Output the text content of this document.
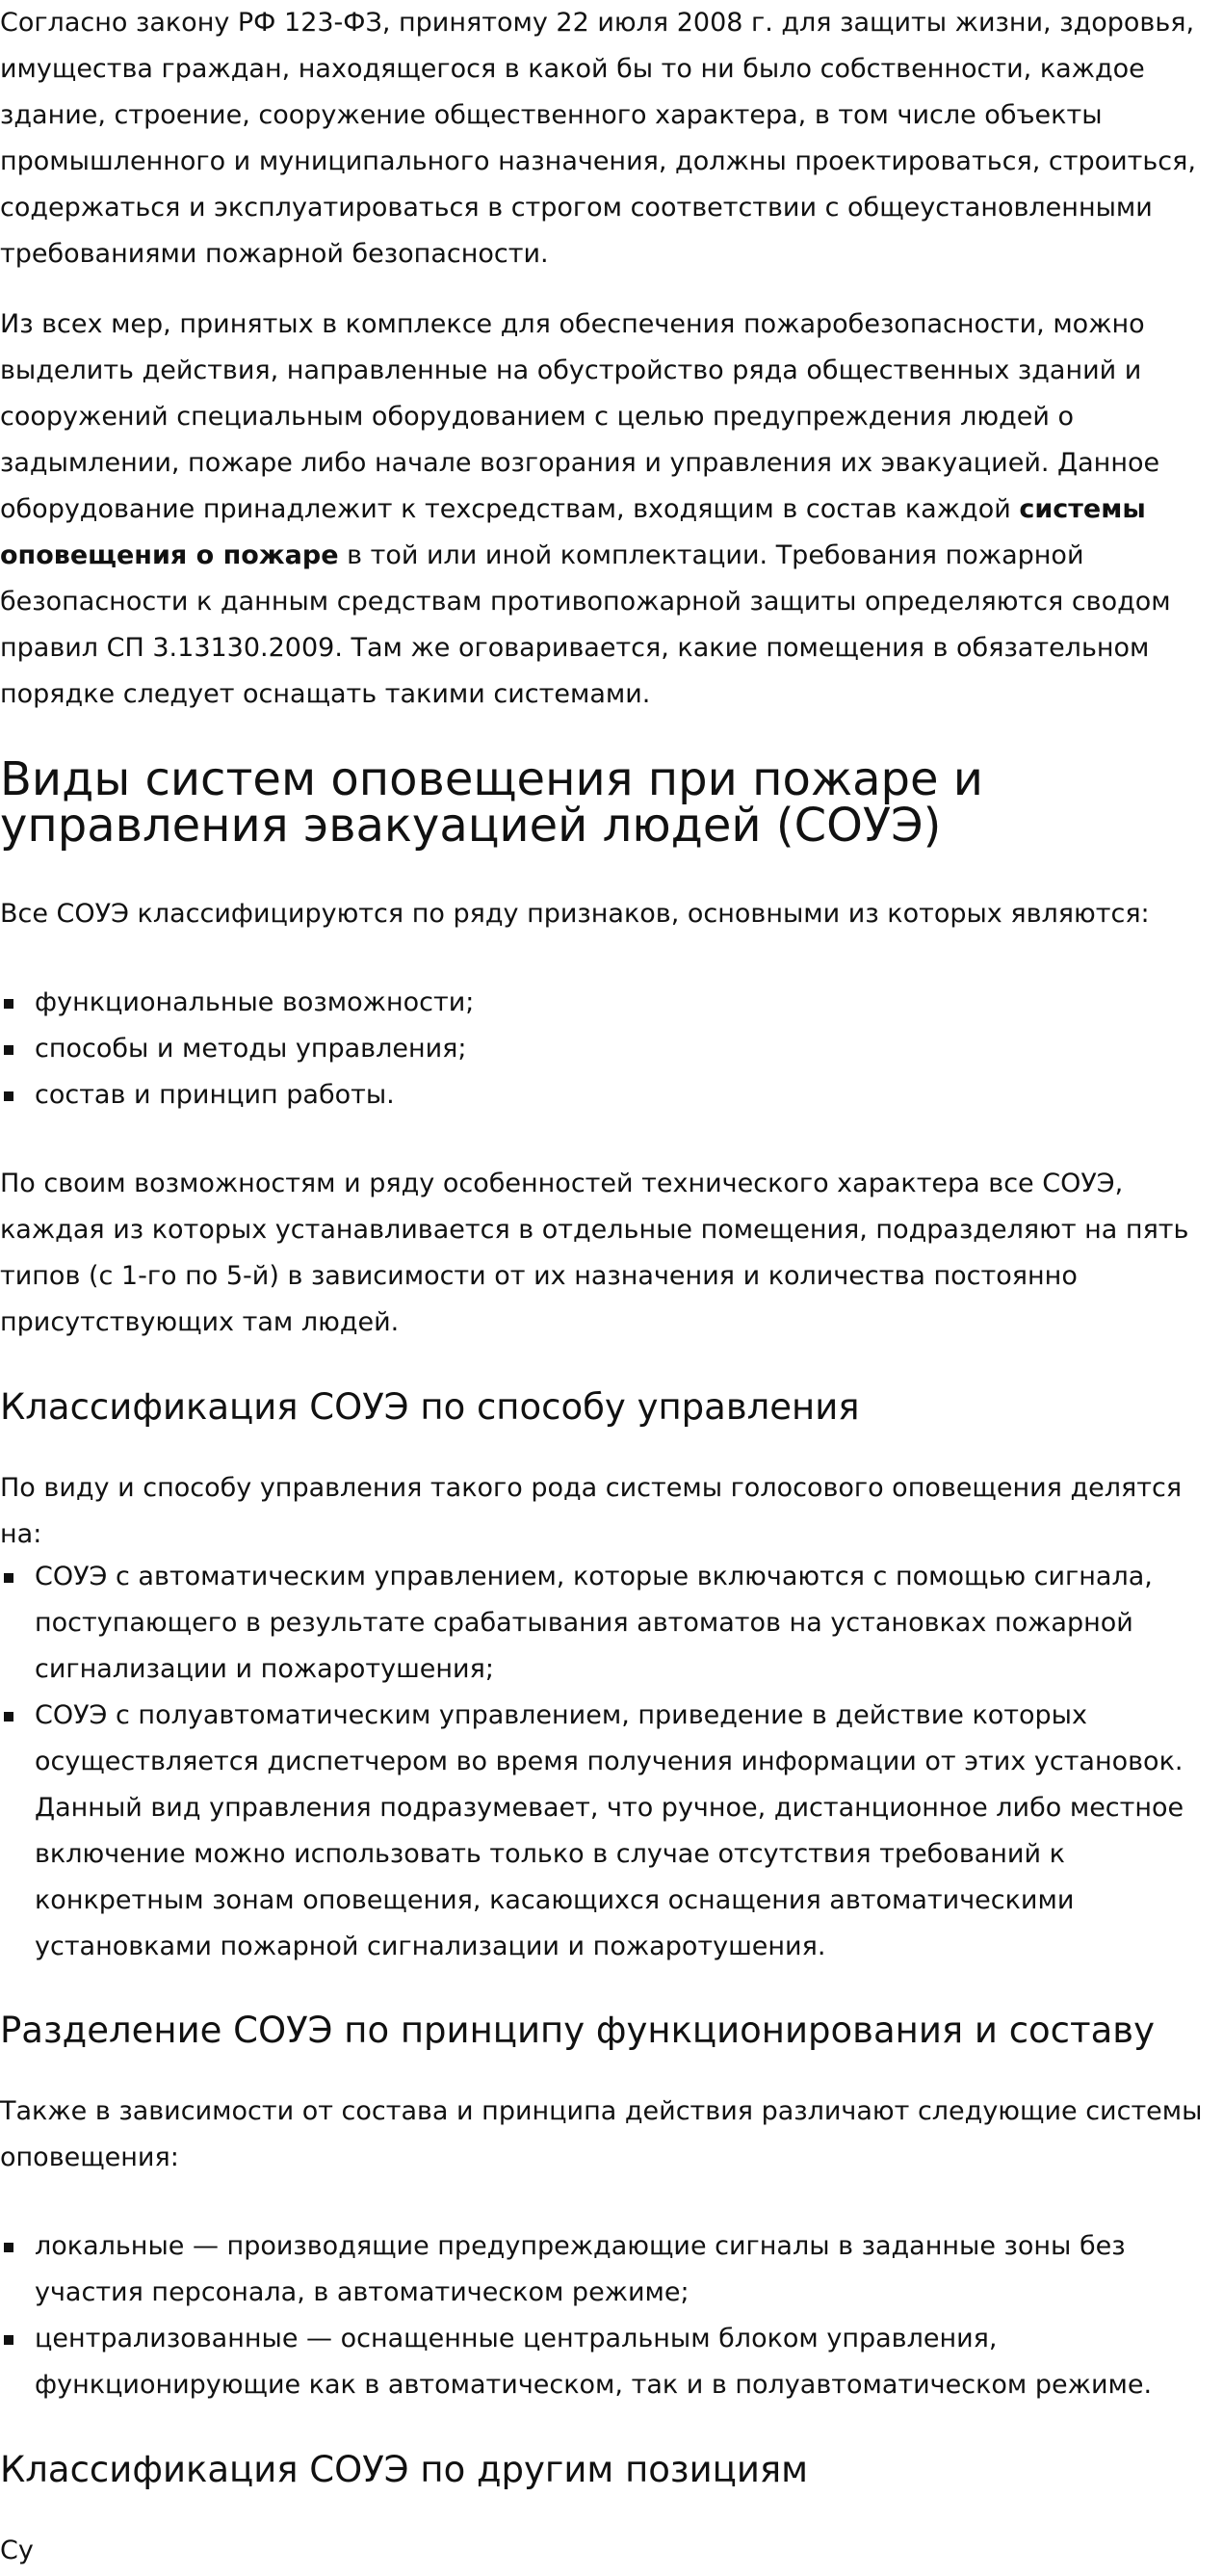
Согласно закону РФ 123-ФЗ, принятому 22 июля 2008 г. для защиты жизни, здоровья, имущества граждан, находящегося в какой бы то ни было собственности, каждое здание, строение, сооружение общественного характера, в том числе объекты промышленного и муниципального назначения, должны проектироваться, строиться, содержаться и эксплуатироваться в строгом соответствии с общеустановленными требованиями пожарной безопасности.

Из всех мер, принятых в комплексе для обеспечения пожаробезопасности, можно выделить действия, направленные на обустройство ряда общественных зданий и сооружений специальным оборудованием с целью предупреждения людей о задымлении, пожаре либо начале возгорания и управления их эвакуацией. Данное оборудование принадлежит к техсредствам, входящим в состав каждой системы оповещения о пожаре в той или иной комплектации. Требования пожарной безопасности к данным средствам противопожарной защиты определяются сводом правил СП 3.13130.2009. Там же оговаривается, какие помещения в обязательном порядке следует оснащать такими системами.

Виды систем оповещения при пожаре и управления эвакуацией людей (СОУЭ)

Все СОУЭ классифицируются по ряду признаков, основными из которых являются:

функциональные возможности;
способы и методы управления;
состав и принцип работы.

По своим возможностям и ряду особенностей технического характера все СОУЭ, каждая из которых устанавливается в отдельные помещения, подразделяют на пять типов (с 1-го по 5-й) в зависимости от их назначения и количества постоянно присутствующих там людей.

Классификация СОУЭ по способу управления

По виду и способу управления такого рода системы голосового оповещения делятся на:

СОУЭ с автоматическим управлением, которые включаются с помощью сигнала, поступающего в результате срабатывания автоматов на установках пожарной сигнализации и пожаротушения;
СОУЭ с полуавтоматическим управлением, приведение в действие которых осуществляется диспетчером во время получения информации от этих установок. Данный вид управления подразумевает, что ручное, дистанционное либо местное включение можно использовать только в случае отсутствия требований к конкретным зонам оповещения, касающихся оснащения автоматическими установками пожарной сигнализации и пожаротушения.
Разделение СОУЭ по принципу функционирования и составу

Также в зависимости от состава и принципа действия различают следующие системы оповещения:

локальные — производящие предупреждающие сигналы в заданные зоны без участия персонала, в автоматическом режиме;
централизованные — оснащенные центральным блоком управления, функционирующие как в автоматическом, так и в полуавтоматическом режиме.
Классификация СОУЭ по другим позициям

Су
